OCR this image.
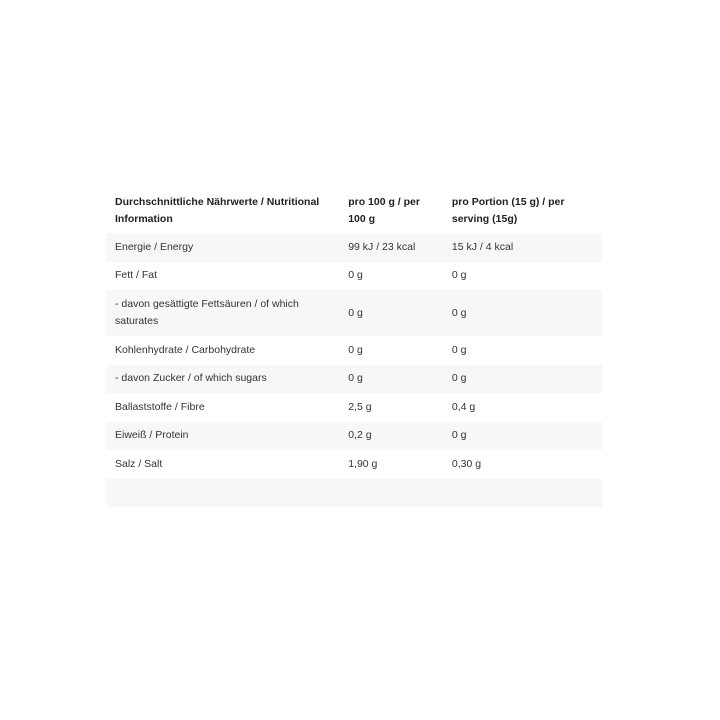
Durchschnittliche Nährwerte / Nutritional Information	pro 100 g / per 100 g	pro Portion (15 g) / per serving (15g)
Energie / Energy	99 kJ / 23 kcal	15 kJ / 4 kcal
Fett / Fat	0 g	0 g
- davon gesättigte Fettsäuren / of which saturates	0 g	0 g
Kohlenhydrate / Carbohydrate	0 g	0 g
- davon Zucker / of which sugars	0 g	0 g
Ballaststoffe / Fibre	2,5 g	0,4 g
Eiweiß / Protein	0,2 g	0 g
Salz / Salt	1,90 g	0,30 g
